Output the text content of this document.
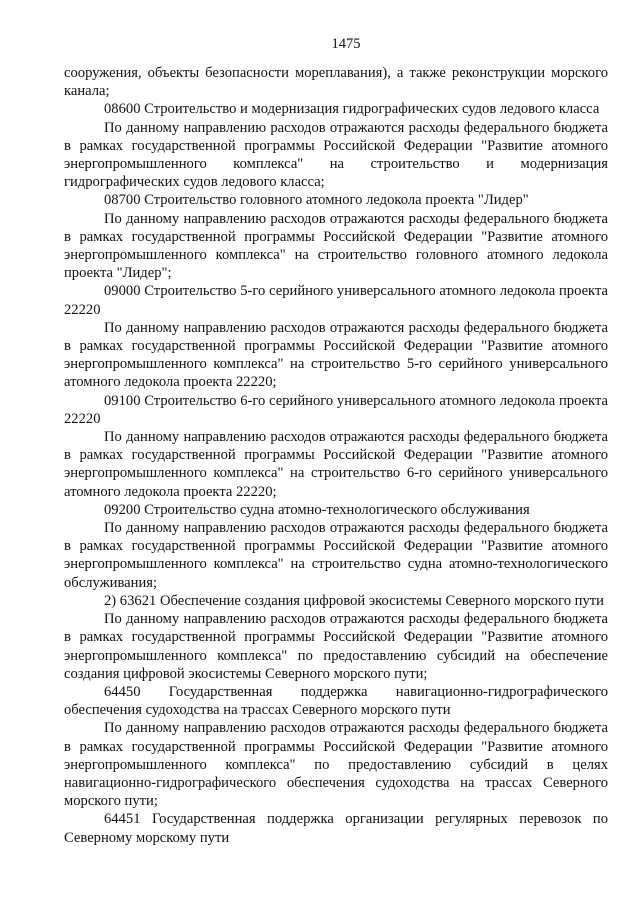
1475

сооружения, объекты безопасности мореплавания), а также реконструкции морского канала;

08600 Строительство и модернизация гидрографических судов ледового класса

По данному направлению расходов отражаются расходы федерального бюджета в рамках государственной программы Российской Федерации "Развитие атомного энергопромышленного комплекса" на строительство и модернизация гидрографических судов ледового класса;

08700 Строительство головного атомного ледокола проекта "Лидер"

По данному направлению расходов отражаются расходы федерального бюджета в рамках государственной программы Российской Федерации "Развитие атомного энергопромышленного комплекса" на строительство головного атомного ледокола проекта "Лидер";

09000 Строительство 5-го серийного универсального атомного ледокола проекта 22220

По данному направлению расходов отражаются расходы федерального бюджета в рамках государственной программы Российской Федерации "Развитие атомного энергопромышленного комплекса" на строительство 5-го серийного универсального атомного ледокола проекта 22220;

09100 Строительство 6-го серийного универсального атомного ледокола проекта 22220

По данному направлению расходов отражаются расходы федерального бюджета в рамках государственной программы Российской Федерации "Развитие атомного энергопромышленного комплекса" на строительство 6-го серийного универсального атомного ледокола проекта 22220;

09200 Строительство судна атомно-технологического обслуживания

По данному направлению расходов отражаются расходы федерального бюджета в рамках государственной программы Российской Федерации "Развитие атомного энергопромышленного комплекса" на строительство судна атомно-технологического обслуживания;

2) 63621 Обеспечение создания цифровой экосистемы Северного морского пути

По данному направлению расходов отражаются расходы федерального бюджета в рамках государственной программы Российской Федерации "Развитие атомного энергопромышленного комплекса" по предоставлению субсидий на обеспечение создания цифровой экосистемы Северного морского пути;

64450 Государственная поддержка навигационно-гидрографического обеспечения судоходства на трассах Северного морского пути

По данному направлению расходов отражаются расходы федерального бюджета в рамках государственной программы Российской Федерации "Развитие атомного энергопромышленного комплекса" по предоставлению субсидий в целях навигационно-гидрографического обеспечения судоходства на трассах Северного морского пути;

64451 Государственная поддержка организации регулярных перевозок по Северному морскому пути
